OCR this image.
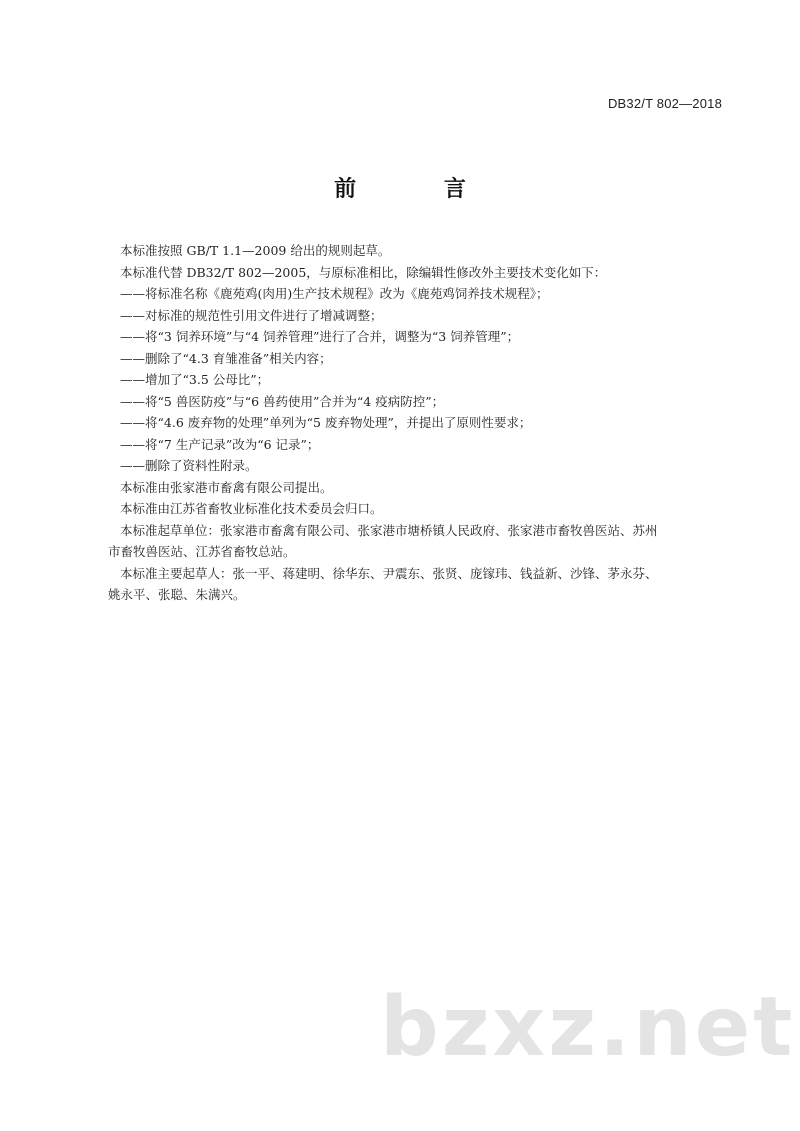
DB32/T 802—2018
前 言
本标准按照 GB/T 1.1—2009 给出的规则起草。
本标准代替 DB32/T 802—2005，与原标准相比，除编辑性修改外主要技术变化如下：
——将标准名称《鹿苑鸡(肉用)生产技术规程》改为《鹿苑鸡饲养技术规程》；
——对标准的规范性引用文件进行了增减调整；
——将“3 饲养环境”与“4 饲养管理”进行了合并，调整为“3 饲养管理”；
——删除了“4.3 育雏准备”相关内容；
——增加了“3.5 公母比”；
——将“5 兽医防疫”与“6 兽药使用”合并为“4 疫病防控”；
——将“4.6 废弃物的处理”单列为“5 废弃物处理”，并提出了原则性要求；
——将“7 生产记录”改为“6 记录”；
——删除了资料性附录。
本标准由张家港市畜禽有限公司提出。
本标准由江苏省畜牧业标准化技术委员会归口。
本标准起草单位：张家港市畜禽有限公司、张家港市塘桥镇人民政府、张家港市畜牧兽医站、苏州
市畜牧兽医站、江苏省畜牧总站。
本标准主要起草人：张一平、蒋建明、徐华东、尹震东、张贤、庞镓玮、钱益新、沙锋、茅永芬、
姚永平、张聪、朱满兴。
bzxz.net
